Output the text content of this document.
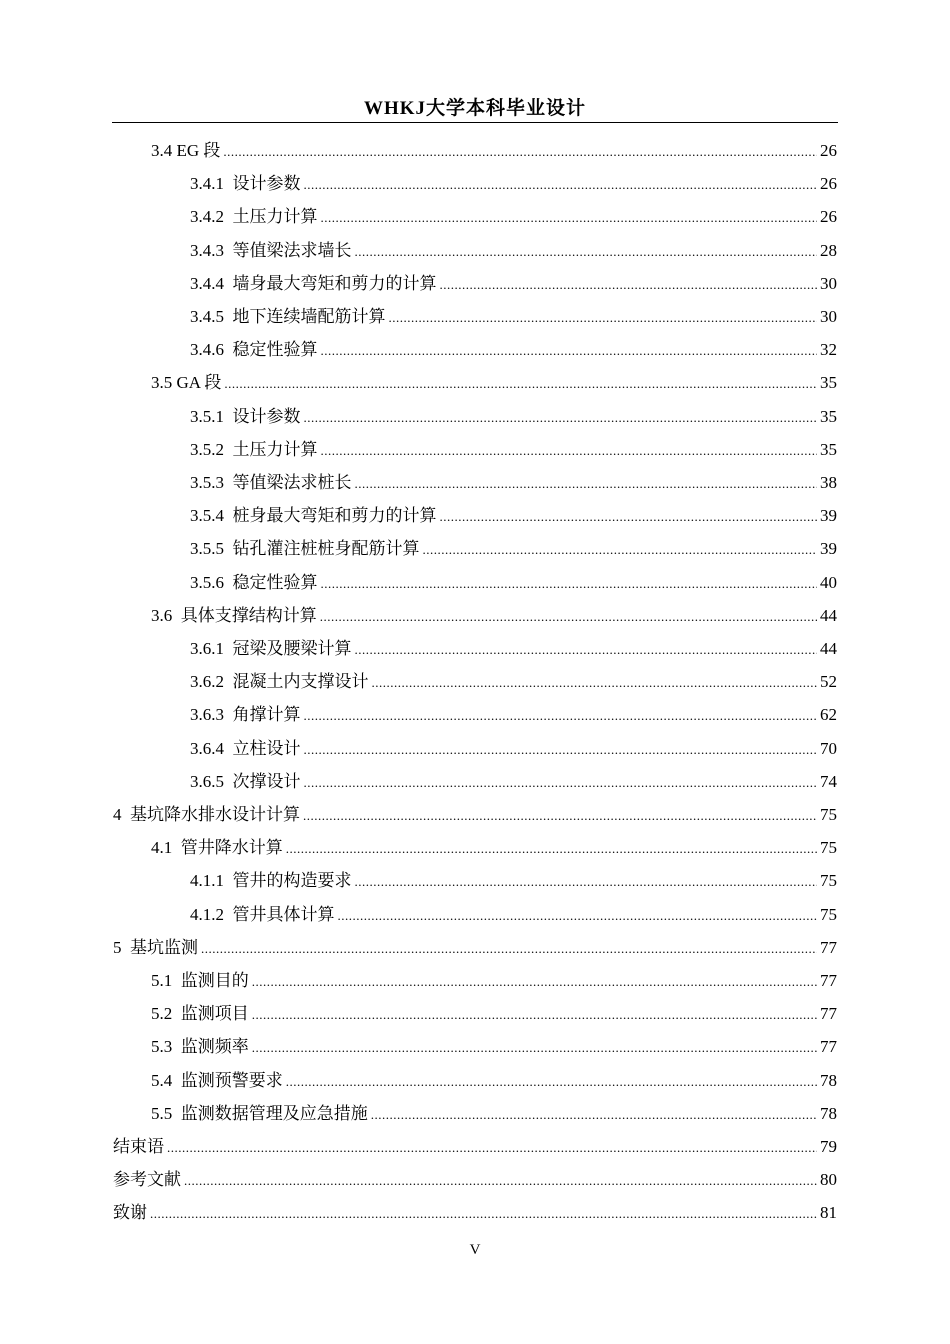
WHKJ大学本科毕业设计
3.4 EG 段 .....	26
3.4.1  设计参数 .....	26
3.4.2  土压力计算 .....	26
3.4.3  等值梁法求墙长 .....	28
3.4.4  墙身最大弯矩和剪力的计算 .....	30
3.4.5  地下连续墙配筋计算 .....	30
3.4.6  稳定性验算 .....	32
3.5 GA 段 .....	35
3.5.1  设计参数 .....	35
3.5.2  土压力计算 .....	35
3.5.3  等值梁法求桩长 .....	38
3.5.4  桩身最大弯矩和剪力的计算 .....	39
3.5.5  钻孔灌注桩桩身配筋计算 .....	39
3.5.6  稳定性验算 .....	40
3.6  具体支撑结构计算 .....	44
3.6.1  冠梁及腰梁计算 .....	44
3.6.2  混凝土内支撑设计 .....	52
3.6.3  角撑计算 .....	62
3.6.4  立柱设计 .....	70
3.6.5  次撑设计 .....	74
4  基坑降水排水设计计算 .....	75
4.1  管井降水计算 .....	75
4.1.1  管井的构造要求 .....	75
4.1.2  管井具体计算 .....	75
5  基坑监测 .....	77
5.1  监测目的 .....	77
5.2  监测项目 .....	77
5.3  监测频率 .....	77
5.4  监测预警要求 .....	78
5.5  监测数据管理及应急措施 .....	78
结束语 .....	79
参考文献 .....	80
致谢 .....	81
V
